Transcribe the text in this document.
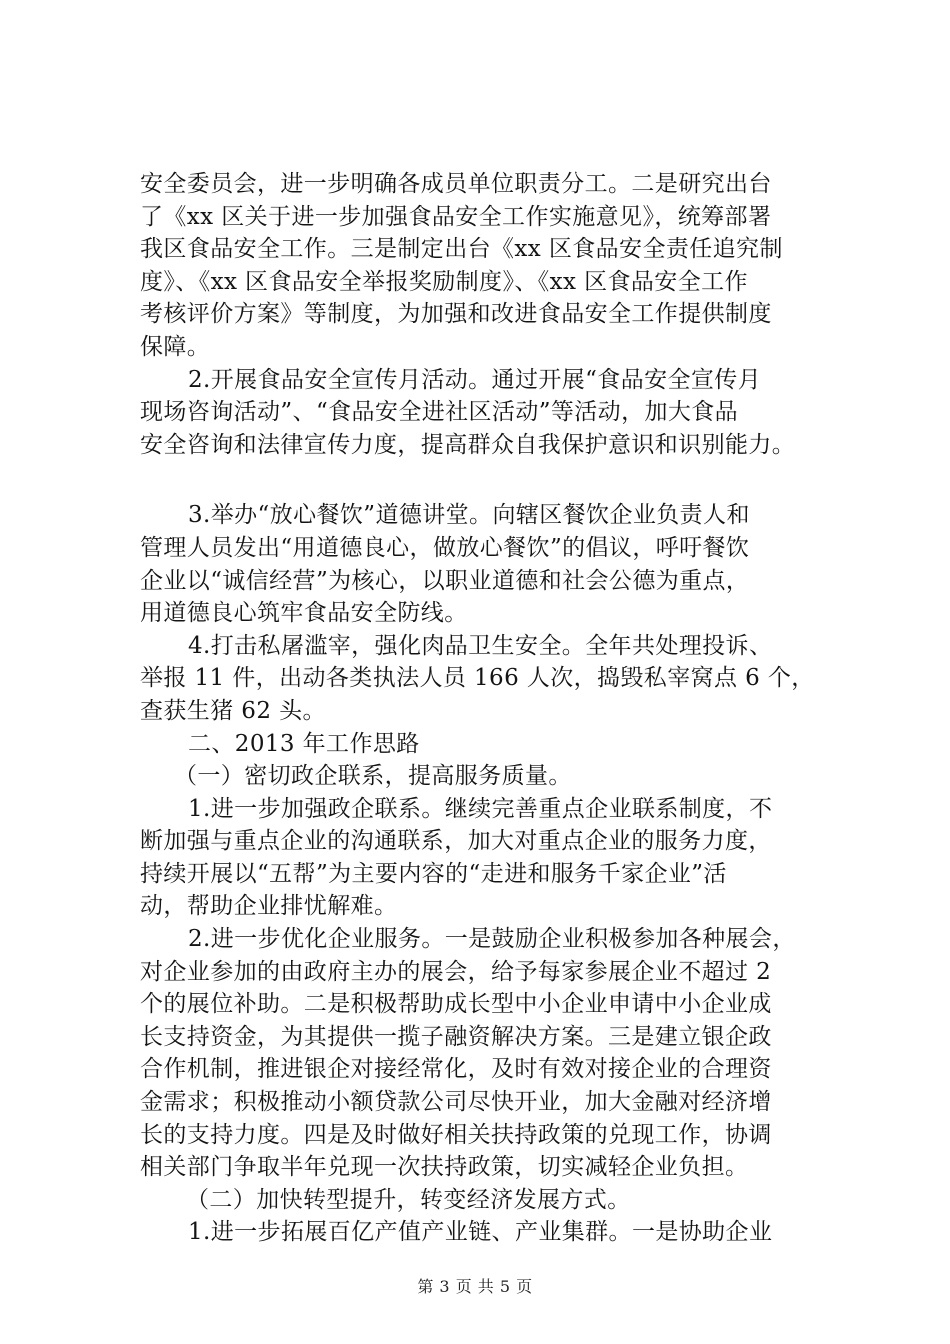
安全委员会，进一步明确各成员单位职责分工。二是研究出台
了《xx 区关于进一步加强食品安全工作实施意见》，统筹部署
我区食品安全工作。三是制定出台《xx 区食品安全责任追究制
度》、《xx 区食品安全举报奖励制度》、《xx 区食品安全工作
考核评价方案》等制度，为加强和改进食品安全工作提供制度
保障。
2.开展食品安全宣传月活动。通过开展“食品安全宣传月
现场咨询活动”、“食品安全进社区活动”等活动，加大食品
安全咨询和法律宣传力度，提高群众自我保护意识和识别能力。
3.举办“放心餐饮”道德讲堂。向辖区餐饮企业负责人和
管理人员发出“用道德良心，做放心餐饮”的倡议，呼吁餐饮
企业以“诚信经营”为核心，以职业道德和社会公德为重点，
用道德良心筑牢食品安全防线。
4.打击私屠滥宰，强化肉品卫生安全。全年共处理投诉、
举报 11 件，出动各类执法人员 166 人次，捣毁私宰窝点 6 个，
查获生猪 62 头。
二、2013 年工作思路
（一）密切政企联系，提高服务质量。
1.进一步加强政企联系。继续完善重点企业联系制度，不
断加强与重点企业的沟通联系，加大对重点企业的服务力度，
持续开展以“五帮”为主要内容的“走进和服务千家企业”活
动，帮助企业排忧解难。
2.进一步优化企业服务。一是鼓励企业积极参加各种展会，
对企业参加的由政府主办的展会，给予每家参展企业不超过 2
个的展位补助。二是积极帮助成长型中小企业申请中小企业成
长支持资金，为其提供一揽子融资解决方案。三是建立银企政
合作机制，推进银企对接经常化，及时有效对接企业的合理资
金需求；积极推动小额贷款公司尽快开业，加大金融对经济增
长的支持力度。四是及时做好相关扶持政策的兑现工作，协调
相关部门争取半年兑现一次扶持政策，切实减轻企业负担。
（二）加快转型提升，转变经济发展方式。
1.进一步拓展百亿产值产业链、产业集群。一是协助企业
第 3 页 共 5 页
